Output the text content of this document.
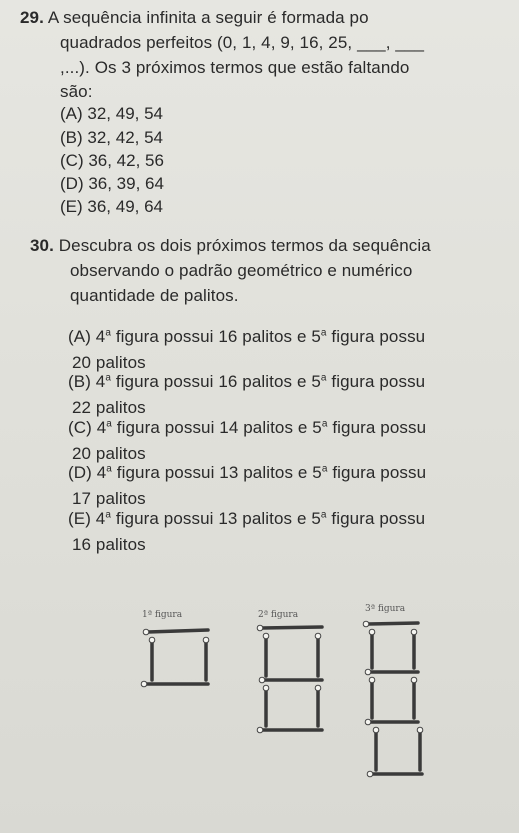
29. A sequência infinita a seguir é formada po
quadrados perfeitos (0, 1, 4, 9, 16, 25, ___, ___
,...). Os 3 próximos termos que estão faltando
são:
(A) 32, 49, 54
(B) 32, 42, 54
(C) 36, 42, 56
(D) 36, 39, 64
(E) 36, 49, 64
30. Descubra os dois próximos termos da sequência
observando o padrão geométrico e numérico
quantidade de palitos.
(A) 4$^a$ figura possui 16 palitos e 5$^a$ figura possu
20 palitos
(B) 4$^a$ figura possui 16 palitos e 5$^a$ figura possu
22 palitos
(C) 4$^a$ figura possui 14 palitos e 5$^a$ figura possu
20 palitos
(D) 4$^a$ figura possui 13 palitos e 5$^a$ figura possu
17 palitos
(E) 4$^a$ figura possui 13 palitos e 5$^a$ figura possu
16 palitos
1ª figura	2ª figura
3ª figura
